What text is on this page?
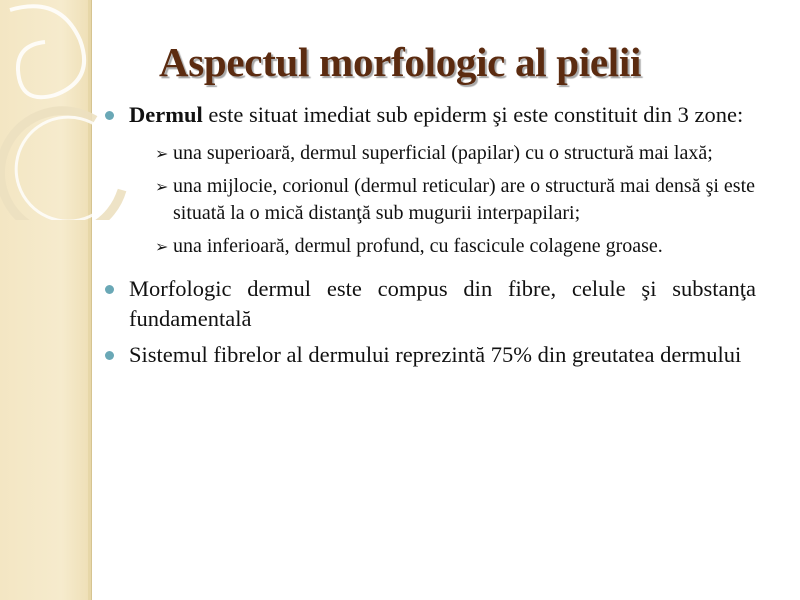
Aspectul morfologic al pielii
Dermul este situat imediat sub epiderm şi este constituit din 3 zone:
➢ una superioară, dermul superficial (papilar) cu o structură mai laxă;
➢ una mijlocie, corionul (dermul reticular) are o structură mai densă şi este situată la o mică distanţă sub mugurii interpapilari;
➢ una inferioară, dermul profund, cu fascicule colagene groase.
Morfologic dermul este compus din fibre, celule şi substanţa fundamentală
Sistemul fibrelor al dermului reprezintă 75% din greutatea dermului
